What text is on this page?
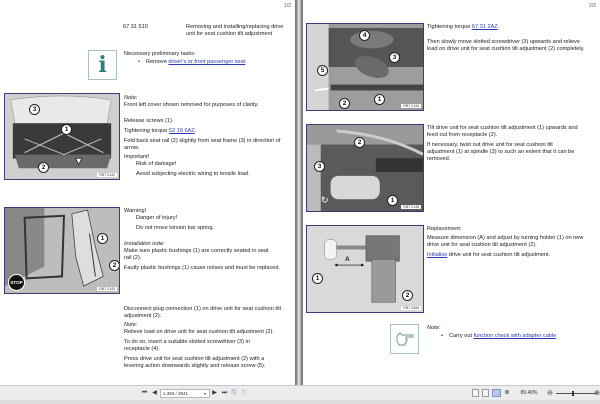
1/2
67 31 510	Removing and installing/replacing drive
unit for seat cushion tilt adjustment
i	Necessary preliminary tasks:
• Remove driver's or front passenger seat
3
1
2
RB7 0142
Note:
Front left cover shown removed for purposes of clarity.
Release screws (1).
Tightening torque 52 10 6AZ.
Fold back seat rail (2) slightly from seat frame (3) in direction of
arrow.
Important!
Risk of damage!
Avoid subjecting electric wiring to tensile load.
1
2
STOP
RB7 0143
Warning!
Danger of injury!
Do not move torsion bar spring.
Installation note:
Make sure plastic bushings (1) are correctly seated in seat
rail (2).
Faulty plastic bushings (1) cause noises and must be replaced.
Disconnect plug connection (1) on drive unit for seat cushion tilt
adjustment (2).
Note:
Relieve load on drive unit for seat cushion tilt adjustment (2).
To do so, insert a suitable slotted screwdriver (3) in
receptacle (4).
Press drive unit for seat cushion tilt adjustment (2) with a
levering action downwards slightly and release screw (5).
2/2
4
3
5
2
1
RB7 0144
Tightening torque 67 31 2AZ.
Then slowly move slotted screwdriver (3) upwards and relieve
load on drive unit for seat cushion tilt adjustment (2) completely.
2
3
1
↻
RB7 0145
Tilt drive unit for seat cushion tilt adjustment (1) upwards and
feed out from receptacle (2).
If necessary, twist out drive unit for seat cushion tilt
adjustment (1) at spindle (3) to such an extent that it can be
removed.
A
1
2
RB7 0268
Replacement:
Measure dimension (A) and adjust by turning holder (1) on new
drive unit for seat cushion tilt adjustment (2).
Initialise drive unit for seat cushion tilt adjustment.
Note:
• Carry out function check with adapter cable
⏮ ◀	1,393 / 3841	▾ ▶ ⏭ ⎘ ⎗	≣	89.40%	⊖	⊕
